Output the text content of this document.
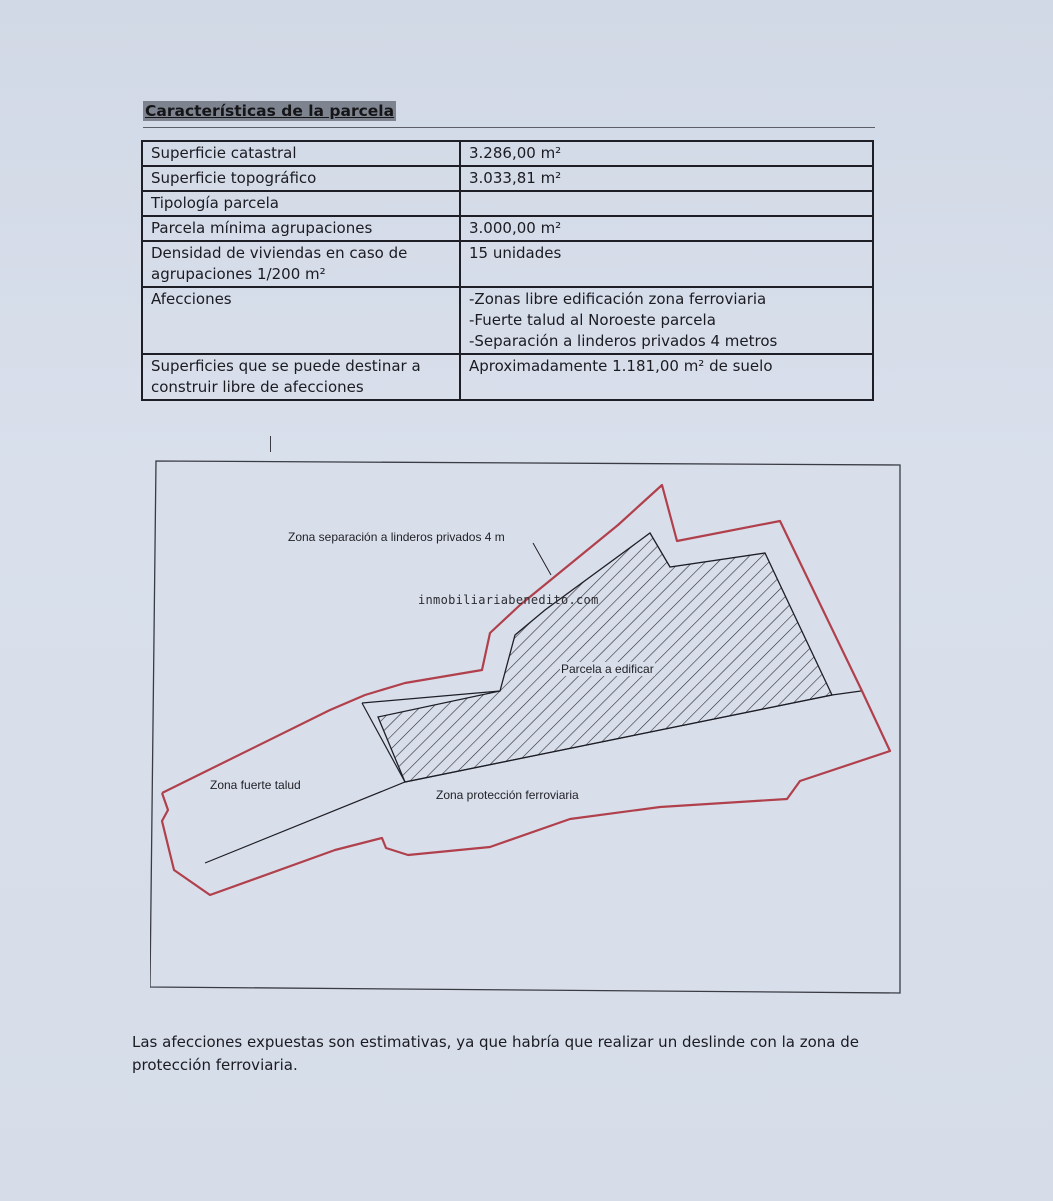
Características de la parcela
Superficie catastral	3.286,00 m²

Superficie topográfico	3.033,81 m²

Tipología parcela	

Parcela mínima agrupaciones	3.000,00 m²

Densidad de viviendas en caso de
agrupaciones 1/200 m²	15 unidades

Afecciones	-Zonas libre edificación zona ferroviaria
-Fuerte talud al Noroeste parcela
-Separación a linderos privados 4 metros

Superficies que se puede destinar a
construir libre de afecciones	Aproximadamente 1.181,00 m² de suelo
Zona separación a linderos privados 4 m
Parcela a edificar
Zona fuerte talud
Zona protección ferroviaria
inmobiliariabenedito.com
Las afecciones expuestas son estimativas, ya que habría que realizar un deslinde con la zona de protección ferroviaria.
